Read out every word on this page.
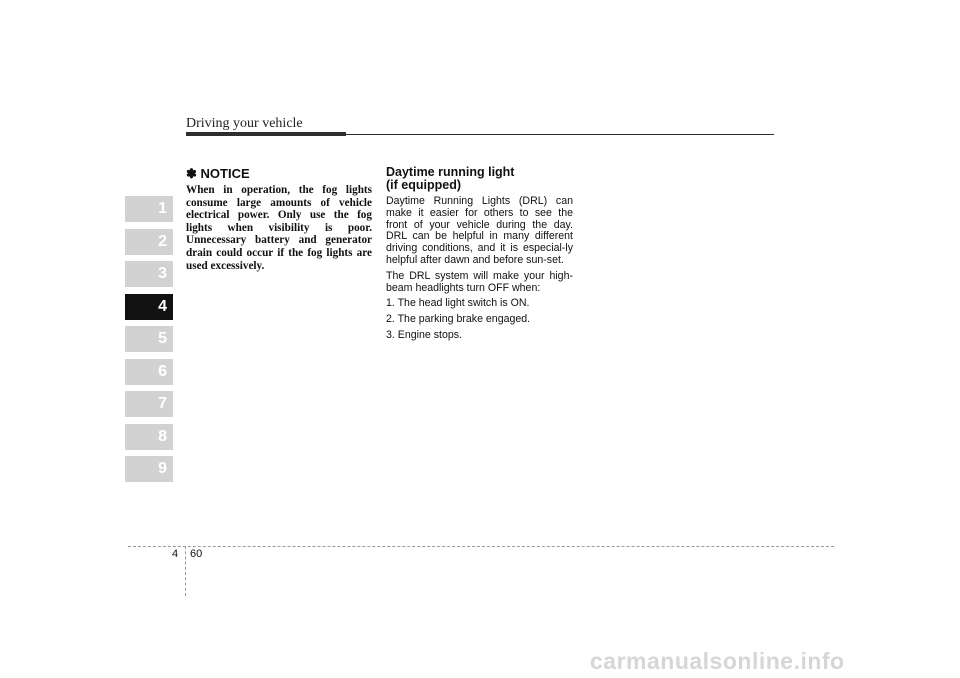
Driving your vehicle
1
2
3
4
5
6
7
8
9
✽ NOTICE

When in operation, the fog lights consume large amounts of vehicle electrical power. Only use the fog lights when visibility is poor. Unnecessary battery and generator drain could occur if the fog lights are used excessively.

Daytime running light
(if equipped)

Daytime Running Lights (DRL) can make it easier for others to see the front of your vehicle during the day. DRL can be helpful in many different driving conditions, and it is especial-ly helpful after dawn and before sun-set.

The DRL system will make your high-beam headlights turn OFF when:

1. The head light switch is ON.

2. The parking brake engaged.

3. Engine stops.

4 60
carmanualsonline.info
